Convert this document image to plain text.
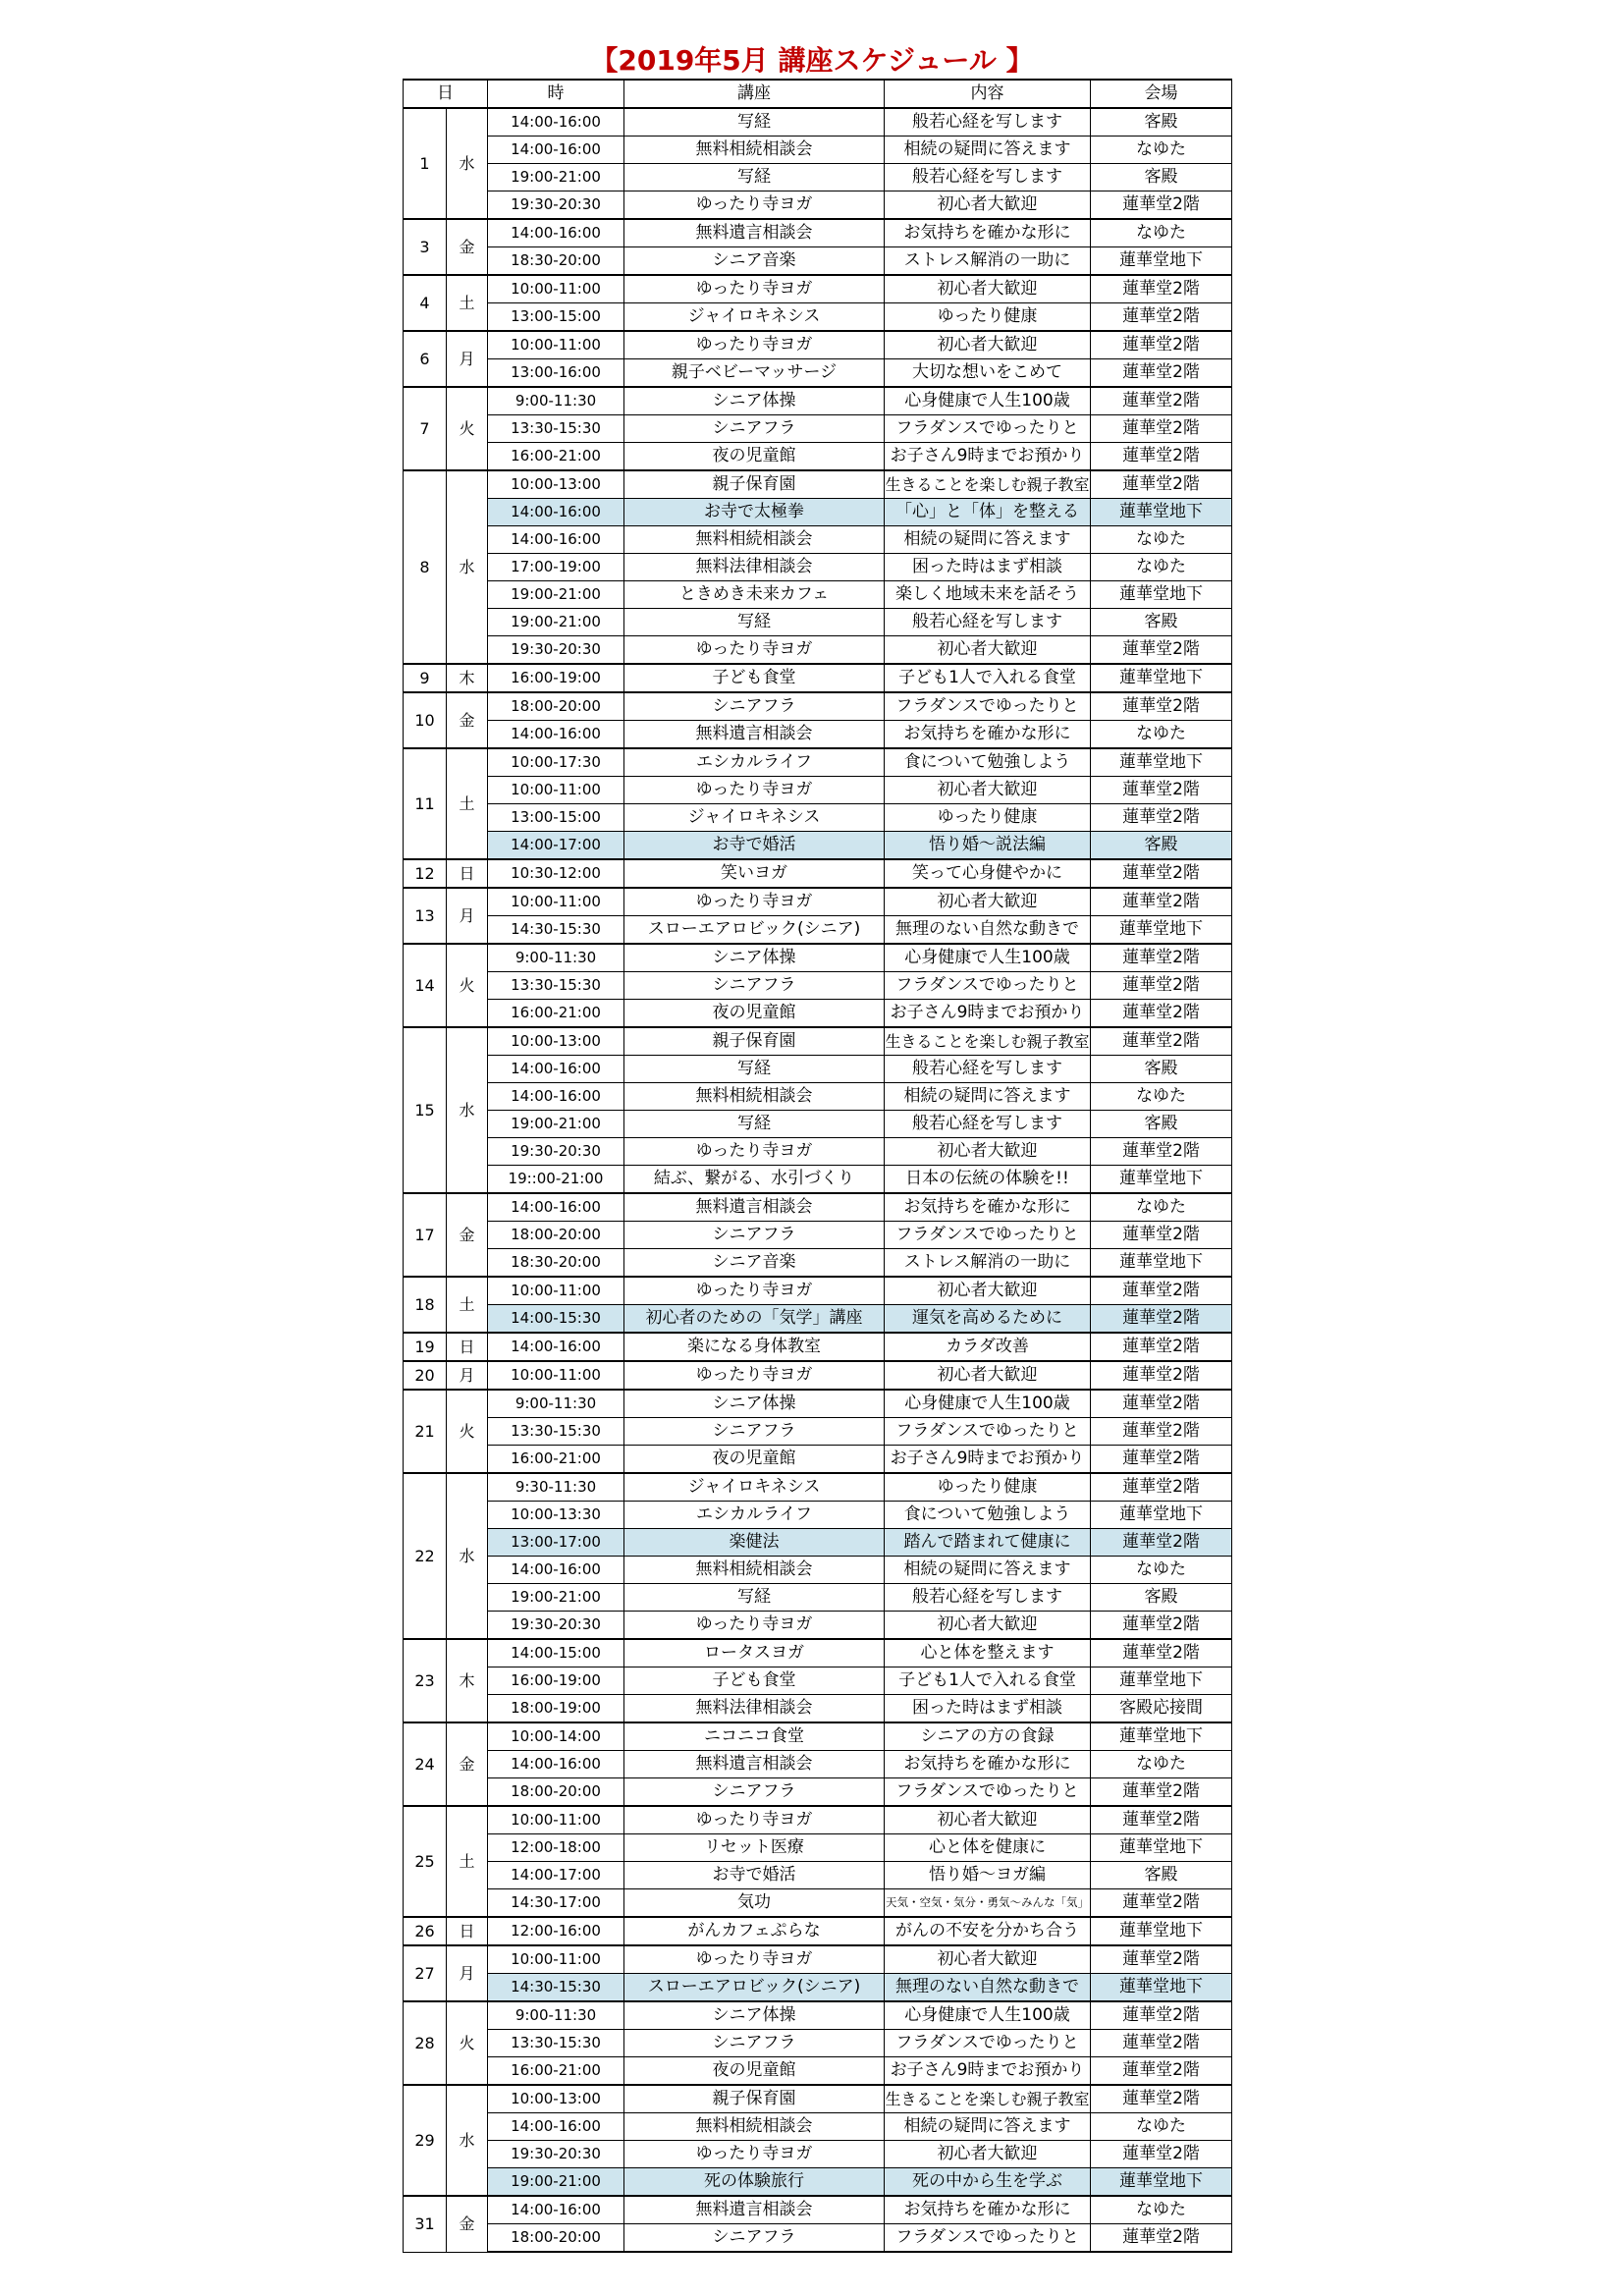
【2019年5月 講座スケジュール 】
日		時	講座	内容	会場
1	水	14:00-16:00	写経	般若心経を写します	客殿
		14:00-16:00	無料相続相談会	相続の疑問に答えます	なゆた
		19:00-21:00	写経	般若心経を写します	客殿
		19:30-20:30	ゆったり寺ヨガ	初心者大歓迎	蓮華堂2階
3	金	14:00-16:00	無料遺言相談会	お気持ちを確かな形に	なゆた
		18:30-20:00	シニア音楽	ストレス解消の一助に	蓮華堂地下
4	土	10:00-11:00	ゆったり寺ヨガ	初心者大歓迎	蓮華堂2階
		13:00-15:00	ジャイロキネシス	ゆったり健康	蓮華堂2階
6	月	10:00-11:00	ゆったり寺ヨガ	初心者大歓迎	蓮華堂2階
		13:00-16:00	親子ベビーマッサージ	大切な想いをこめて	蓮華堂2階
7	火	9:00-11:30	シニア体操	心身健康で人生100歳	蓮華堂2階
		13:30-15:30	シニアフラ	フラダンスでゆったりと	蓮華堂2階
		16:00-21:00	夜の児童館	お子さん9時までお預かり	蓮華堂2階
8	水	10:00-13:00	親子保育園	生きることを楽しむ親子教室	蓮華堂2階
		14:00-16:00	お寺で太極拳	「心」と「体」を整える	蓮華堂地下
		14:00-16:00	無料相続相談会	相続の疑問に答えます	なゆた
		17:00-19:00	無料法律相談会	困った時はまず相談	なゆた
		19:00-21:00	ときめき未来カフェ	楽しく地域未来を話そう	蓮華堂地下
		19:00-21:00	写経	般若心経を写します	客殿
		19:30-20:30	ゆったり寺ヨガ	初心者大歓迎	蓮華堂2階
9	木	16:00-19:00	子ども食堂	子ども1人で入れる食堂	蓮華堂地下
10	金	18:00-20:00	シニアフラ	フラダンスでゆったりと	蓮華堂2階
		14:00-16:00	無料遺言相談会	お気持ちを確かな形に	なゆた
11	土	10:00-17:30	エシカルライフ	食について勉強しよう	蓮華堂地下
		10:00-11:00	ゆったり寺ヨガ	初心者大歓迎	蓮華堂2階
		13:00-15:00	ジャイロキネシス	ゆったり健康	蓮華堂2階
		14:00-17:00	お寺で婚活	悟り婚～説法編	客殿
12	日	10:30-12:00	笑いヨガ	笑って心身健やかに	蓮華堂2階
13	月	10:00-11:00	ゆったり寺ヨガ	初心者大歓迎	蓮華堂2階
		14:30-15:30	スローエアロビック(シニア)	無理のない自然な動きで	蓮華堂地下
14	火	9:00-11:30	シニア体操	心身健康で人生100歳	蓮華堂2階
		13:30-15:30	シニアフラ	フラダンスでゆったりと	蓮華堂2階
		16:00-21:00	夜の児童館	お子さん9時までお預かり	蓮華堂2階
15	水	10:00-13:00	親子保育園	生きることを楽しむ親子教室	蓮華堂2階
		14:00-16:00	写経	般若心経を写します	客殿
		14:00-16:00	無料相続相談会	相続の疑問に答えます	なゆた
		19:00-21:00	写経	般若心経を写します	客殿
		19:30-20:30	ゆったり寺ヨガ	初心者大歓迎	蓮華堂2階
		19::00-21:00	結ぶ、繋がる、水引づくり	日本の伝統の体験を!!	蓮華堂地下
17	金	14:00-16:00	無料遺言相談会	お気持ちを確かな形に	なゆた
		18:00-20:00	シニアフラ	フラダンスでゆったりと	蓮華堂2階
		18:30-20:00	シニア音楽	ストレス解消の一助に	蓮華堂地下
18	土	10:00-11:00	ゆったり寺ヨガ	初心者大歓迎	蓮華堂2階
		14:00-15:30	初心者のための「気学」講座	運気を高めるために	蓮華堂2階
19	日	14:00-16:00	楽になる身体教室	カラダ改善	蓮華堂2階
20	月	10:00-11:00	ゆったり寺ヨガ	初心者大歓迎	蓮華堂2階
21	火	9:00-11:30	シニア体操	心身健康で人生100歳	蓮華堂2階
		13:30-15:30	シニアフラ	フラダンスでゆったりと	蓮華堂2階
		16:00-21:00	夜の児童館	お子さん9時までお預かり	蓮華堂2階
22	水	9:30-11:30	ジャイロキネシス	ゆったり健康	蓮華堂2階
		10:00-13:30	エシカルライフ	食について勉強しよう	蓮華堂地下
		13:00-17:00	楽健法	踏んで踏まれて健康に	蓮華堂2階
		14:00-16:00	無料相続相談会	相続の疑問に答えます	なゆた
		19:00-21:00	写経	般若心経を写します	客殿
		19:30-20:30	ゆったり寺ヨガ	初心者大歓迎	蓮華堂2階
23	木	14:00-15:00	ロータスヨガ	心と体を整えます	蓮華堂2階
		16:00-19:00	子ども食堂	子ども1人で入れる食堂	蓮華堂地下
		18:00-19:00	無料法律相談会	困った時はまず相談	客殿応接間
24	金	10:00-14:00	ニコニコ食堂	シニアの方の食録	蓮華堂地下
		14:00-16:00	無料遺言相談会	お気持ちを確かな形に	なゆた
		18:00-20:00	シニアフラ	フラダンスでゆったりと	蓮華堂2階
25	土	10:00-11:00	ゆったり寺ヨガ	初心者大歓迎	蓮華堂2階
		12:00-18:00	リセット医療	心と体を健康に	蓮華堂地下
		14:00-17:00	お寺で婚活	悟り婚～ヨガ編	客殿
		14:30-17:00	気功	天気・空気・気分・勇気～みんな「気」	蓮華堂2階
26	日	12:00-16:00	がんカフェぷらな	がんの不安を分かち合う	蓮華堂地下
27	月	10:00-11:00	ゆったり寺ヨガ	初心者大歓迎	蓮華堂2階
		14:30-15:30	スローエアロビック(シニア)	無理のない自然な動きで	蓮華堂地下
28	火	9:00-11:30	シニア体操	心身健康で人生100歳	蓮華堂2階
		13:30-15:30	シニアフラ	フラダンスでゆったりと	蓮華堂2階
		16:00-21:00	夜の児童館	お子さん9時までお預かり	蓮華堂2階
29	水	10:00-13:00	親子保育園	生きることを楽しむ親子教室	蓮華堂2階
		14:00-16:00	無料相続相談会	相続の疑問に答えます	なゆた
		19:30-20:30	ゆったり寺ヨガ	初心者大歓迎	蓮華堂2階
		19:00-21:00	死の体験旅行	死の中から生を学ぶ	蓮華堂地下
31	金	14:00-16:00	無料遺言相談会	お気持ちを確かな形に	なゆた
		18:00-20:00	シニアフラ	フラダンスでゆったりと	蓮華堂2階
